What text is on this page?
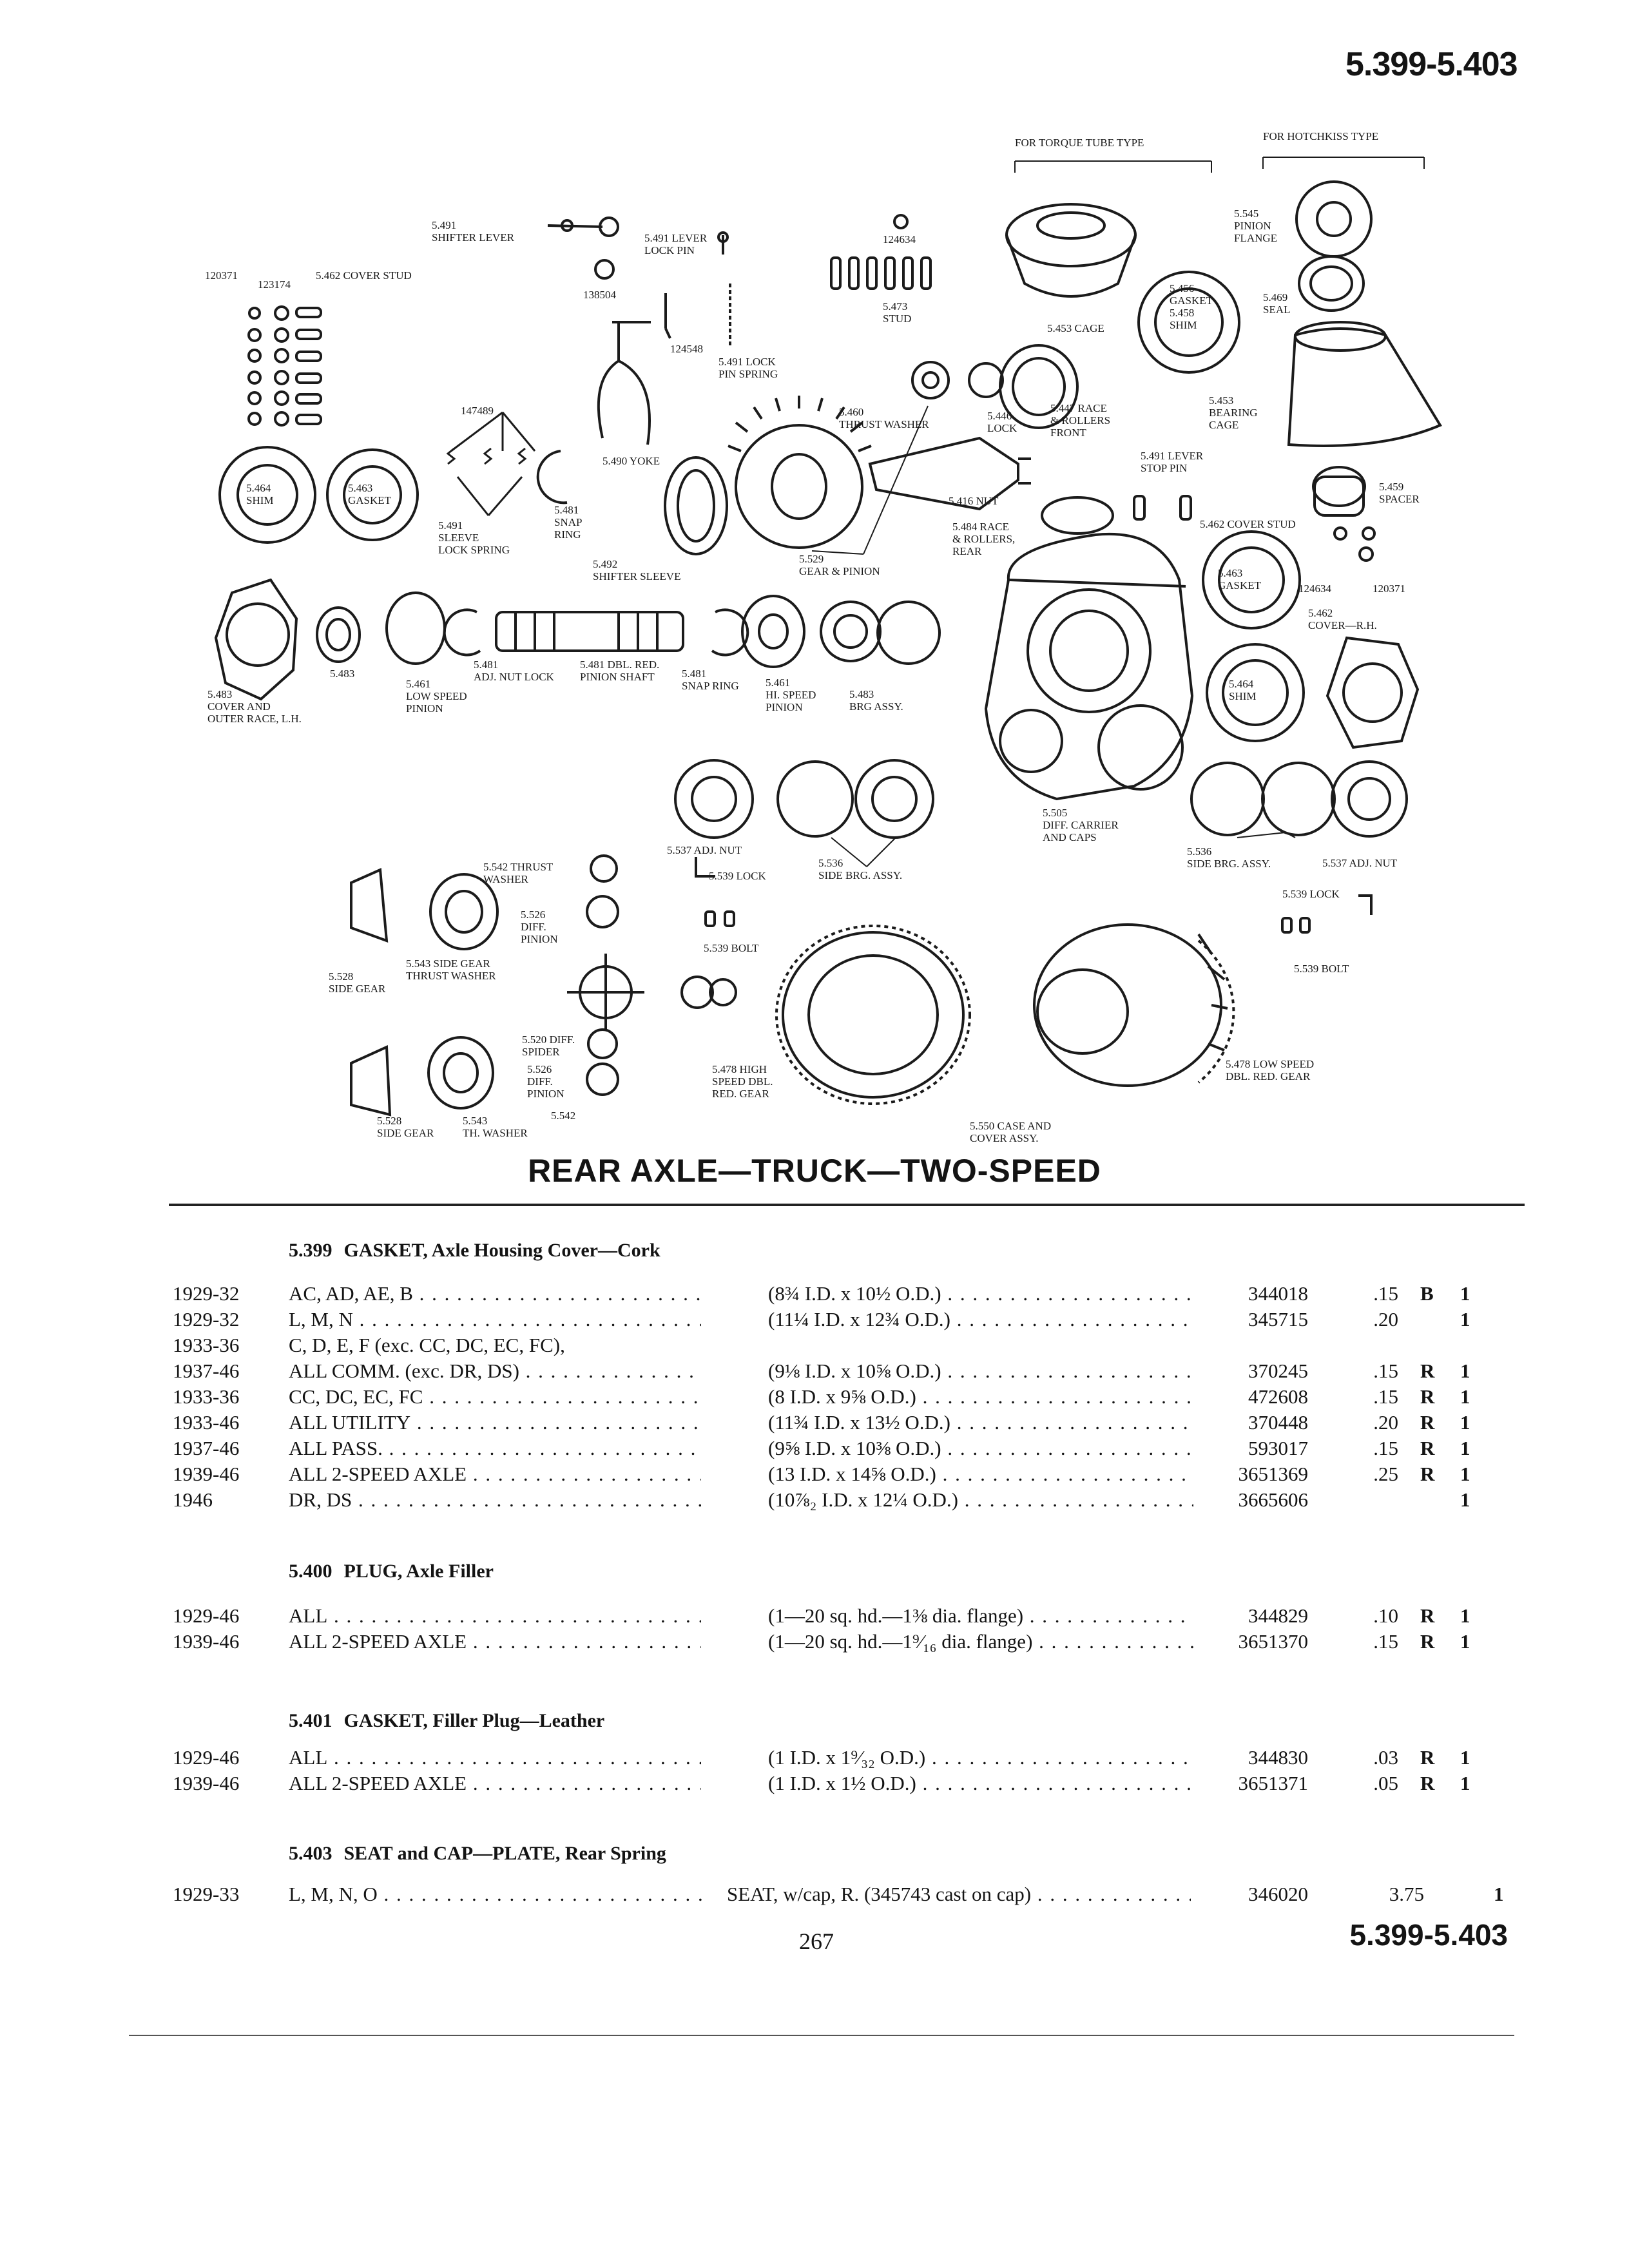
5.399-5.403
5.491
SHIFTER LEVER	5.491 LEVER
LOCK PIN
124634
120371
123174
5.462 COVER STUD
138504
5.473
STUD
124548
5.491 LOCK
PIN SPRING
147489	5.460
THRUST WASHER
5.446
LOCK
5.464
SHIM
5.463
GASKET
5.490 YOKE
5.491
SLEEVE
LOCK SPRING
5.481
SNAP
RING
5.492
SHIFTER SLEEVE
5.416 NUT
5.529
GEAR & PINION
5.484 RACE
& ROLLERS,
REAR
FOR TORQUE TUBE TYPE
FOR HOTCHKISS TYPE
5.545
PINION
FLANGE
5.456
GASKET
5.458
SHIM
5.469
SEAL
5.453 CAGE
5.447 RACE
& ROLLERS
FRONT
5.453
BEARING
CAGE
5.491 LEVER
STOP PIN
5.459
SPACER
5.462 COVER STUD
5.463
GASKET	124634	120371
5.462
COVER—R.H.
5.464
SHIM
5.483
COVER AND
OUTER RACE, L.H.
5.483
5.461
LOW SPEED
PINION
5.481
ADJ. NUT LOCK
5.481 DBL. RED.
PINION SHAFT	5.481
SNAP RING 5.461
HI. SPEED
PINION
5.483
BRG ASSY.
5.505
DIFF. CARRIER
AND CAPS
5.537 ADJ. NUT
5.536
SIDE BRG. ASSY.
5.539 LOCK
5.539 BOLT
5.536
SIDE BRG. ASSY.	5.537 ADJ. NUT
5.539 LOCK
5.539 BOLT
5.542 THRUST
WASHER
5.526
DIFF.
PINION
5.543 SIDE GEAR
THRUST WASHER
5.528
SIDE GEAR
5.520 DIFF.
SPIDER
5.526
DIFF.
PINION
5.528
SIDE GEAR
5.543
TH. WASHER
5.542
5.478 HIGH
SPEED DBL.
RED. GEAR
5.550 CASE AND
COVER ASSY.
5.478 LOW SPEED
DBL. RED. GEAR
REAR AXLE—TRUCK—TWO-SPEED
5.399 GASKET, Axle Housing Cover—Cork
1929-32 AC, AD, AE, B . . .	(8¾ I.D. x 10½ O.D.) . . .	344018	.15 B 1
1929-32 L, M, N . . .	(11¼ I.D. x 12¾ O.D.) . . .	345715	.20	1
1933-36 C, D, E, F (exc. CC, DC, EC, FC),
1937-46 ALL COMM. (exc. DR, DS) . . .	(9⅛ I.D. x 10⅝ O.D.) . . .	370245	.15 R 1
1933-36 CC, DC, EC, FC . . .	(8 I.D. x 9⅝ O.D.) . . .	472608	.15 R 1
1933-46 ALL UTILITY . . .	(11¾ I.D. x 13½ O.D.) . . .	370448	.20 R 1
1937-46 ALL PASS. . . .	(9⅝ I.D. x 10⅜ O.D.) . . .	593017	.15 R 1
1939-46 ALL 2-SPEED AXLE . . .	(13 I.D. x 14⅝ O.D.) . . .	3651369	.25 R 1
1946	DR, DS . . .	(10⅞₂ I.D. x 12¼ O.D.) . . .	3665606	1
5.400 PLUG, Axle Filler
1929-46 ALL . . .	(1—20 sq. hd.—1⅜ dia. flange) . . .	344829	.10 R 1
1939-46 ALL 2-SPEED AXLE . . .	(1—20 sq. hd.—1⁹⁄₁₆ dia. flange) . . .	3651370	.15 R 1
5.401 GASKET, Filler Plug—Leather
1929-46 ALL . . .	(1 I.D. x 1⁹⁄₃₂ O.D.) . . .	344830	.03 R 1
1939-46 ALL 2-SPEED AXLE . . .	(1 I.D. x 1½ O.D.) . . .	3651371	.05 R 1
5.403 SEAT and CAP—PLATE, Rear Spring
1929-33 L, M, N, O . . .	SEAT, w/cap, R. (345743 cast on cap) . . .	346020	3.75	1
267	5.399-5.403
